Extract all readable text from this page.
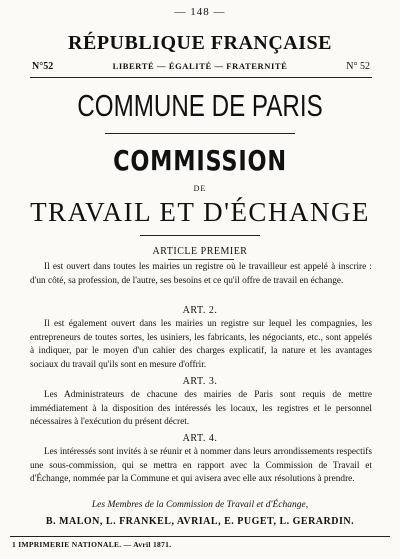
— 148 —
RÉPUBLIQUE FRANÇAISE
N°52	LIBERTÉ — ÉGALITÉ — FRATERNITÉ	N° 52
COMMUNE DE PARIS
COMMISSION
DE
TRAVAIL ET D'ÉCHANGE
ARTICLE PREMIER
Il est ouvert dans toutes les mairies un registre où le travailleur est appelé à inscrire : d'un côté, sa profession, de l'autre, ses besoins et ce qu'il offre de travail en échange.
ART. 2.
Il est également ouvert dans les mairies un registre sur lequel les compagnies, les entrepreneurs de toutes sortes, les usiniers, les fabricants, les négociants, etc., sont appelés à indiquer, par le moyen d'un cahier des charges explicatif, la nature et les avantages sociaux du travail qu'ils sont en mesure d'offrir.
ART. 3.
Les Administrateurs de chacune des mairies de Paris sont requis de mettre immédiatement à la disposition des intéressés les locaux, les registres et le personnel nécessaires à l'exécution du présent décret.
ART. 4.
Les intéressés sont invités à se réunir et à nommer dans leurs arrondissements respectifs une sous-commission, qui se mettra en rapport avec la Commission de Travail et d'Échange, nommée par la Commune et qui avisera avec elle aux résolutions à prendre.
Les Membres de la Commission de Travail et d'Échange,
B. MALON, L. FRANKEL, AVRIAL, E. PUGET, L. GERARDIN.
1 IMPRIMERIE NATIONALE. — Avril 1871.
